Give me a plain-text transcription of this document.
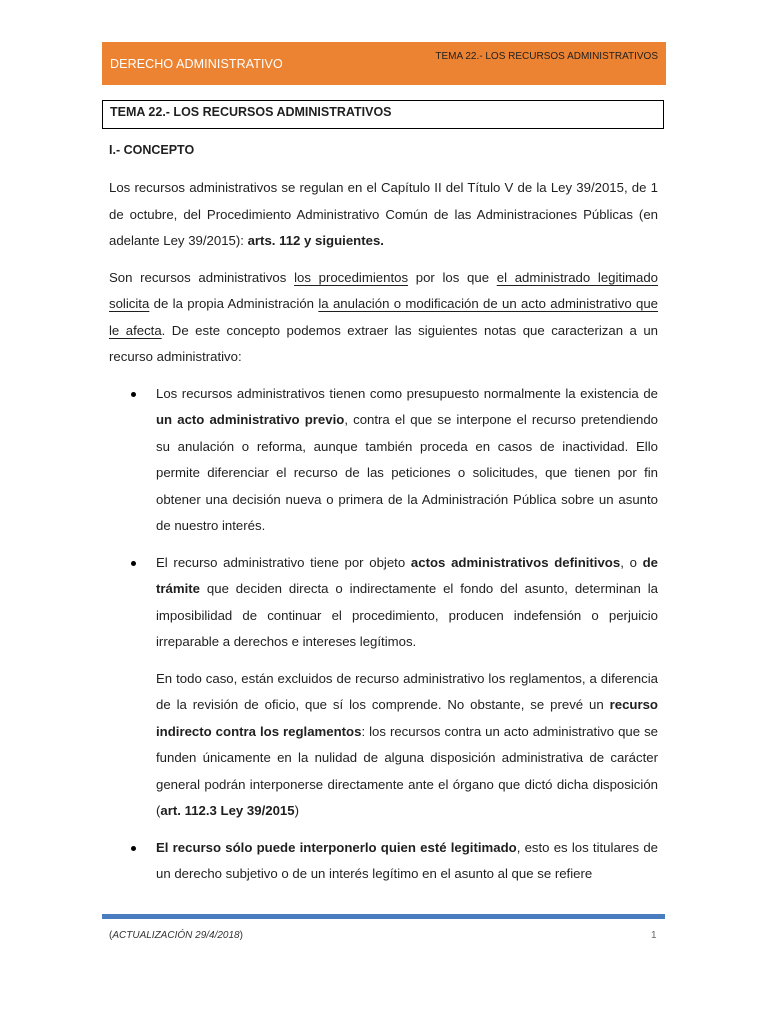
DERECHO ADMINISTRATIVO
TEMA 22.- LOS RECURSOS ADMINISTRATIVOS
TEMA 22.- LOS RECURSOS ADMINISTRATIVOS
I.- CONCEPTO

Los recursos administrativos se regulan en el Capítulo II del Título V de la Ley 39/2015, de 1 de octubre, del Procedimiento Administrativo Común de las Administraciones Públicas (en adelante Ley 39/2015): arts. 112 y siguientes.

Son recursos administrativos los procedimientos por los que el administrado legitimado solicita de la propia Administración la anulación o modificación de un acto administrativo que le afecta. De este concepto podemos extraer las siguientes notas que caracterizan a un recurso administrativo:

Los recursos administrativos tienen como presupuesto normalmente la existencia de un acto administrativo previo, contra el que se interpone el recurso pretendiendo su anulación o reforma, aunque también proceda en casos de inactividad. Ello permite diferenciar el recurso de las peticiones o solicitudes, que tienen por fin obtener una decisión nueva o primera de la Administración Pública sobre un asunto de nuestro interés.

El recurso administrativo tiene por objeto actos administrativos definitivos, o de trámite que deciden directa o indirectamente el fondo del asunto, determinan la imposibilidad de continuar el procedimiento, producen indefensión o perjuicio irreparable a derechos e intereses legítimos.

En todo caso, están excluidos de recurso administrativo los reglamentos, a diferencia de la revisión de oficio, que sí los comprende. No obstante, se prevé un recurso indirecto contra los reglamentos: los recursos contra un acto administrativo que se funden únicamente en la nulidad de alguna disposición administrativa de carácter general podrán interponerse directamente ante el órgano que dictó dicha disposición (art. 112.3 Ley 39/2015)

El recurso sólo puede interponerlo quien esté legitimado, esto es los titulares de un derecho subjetivo o de un interés legítimo en el asunto al que se refiere

(ACTUALIZACIÓN 29/4/2018)	1
